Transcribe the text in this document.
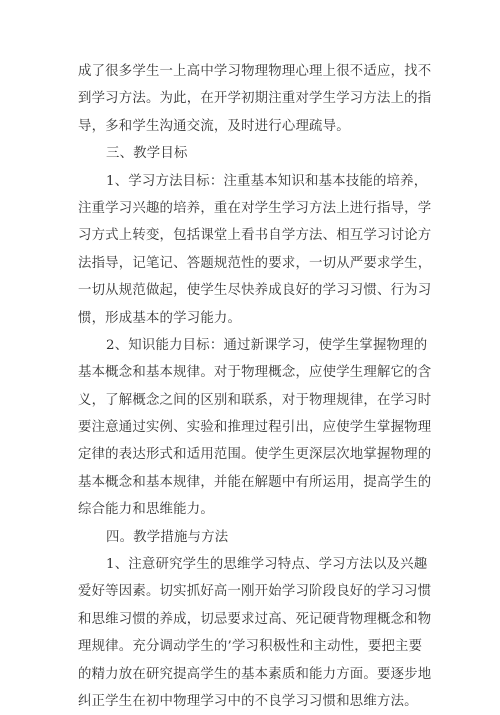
成了很多学生一上高中学习物理物理心理上很不适应，找不
到学习方法。为此，在开学初期注重对学生学习方法上的指
导，多和学生沟通交流，及时进行心理疏导。
三、教学目标
1、学习方法目标：注重基本知识和基本技能的培养，
注重学习兴趣的培养，重在对学生学习方法上进行指导，学
习方式上转变，包括课堂上看书自学方法、相互学习讨论方
法指导，记笔记、答题规范性的要求，一切从严要求学生，
一切从规范做起，使学生尽快养成良好的学习习惯、行为习
惯，形成基本的学习能力。
2、知识能力目标：通过新课学习，使学生掌握物理的
基本概念和基本规律。对于物理概念，应使学生理解它的含
义，了解概念之间的区别和联系，对于物理规律，在学习时
要注意通过实例、实验和推理过程引出，应使学生掌握物理
定律的表达形式和适用范围。使学生更深层次地掌握物理的
基本概念和基本规律，并能在解题中有所运用，提高学生的
综合能力和思维能力。
四。教学措施与方法
1、注意研究学生的思维学习特点、学习方法以及兴趣
爱好等因素。切实抓好高一刚开始学习阶段良好的学习习惯
和思维习惯的养成，切忌要求过高、死记硬背物理概念和物
理规律。充分调动学生的’学习积极性和主动性，要把主要
的精力放在研究提高学生的基本素质和能力方面。要逐步地
纠正学生在初中物理学习中的不良学习习惯和思维方法。
